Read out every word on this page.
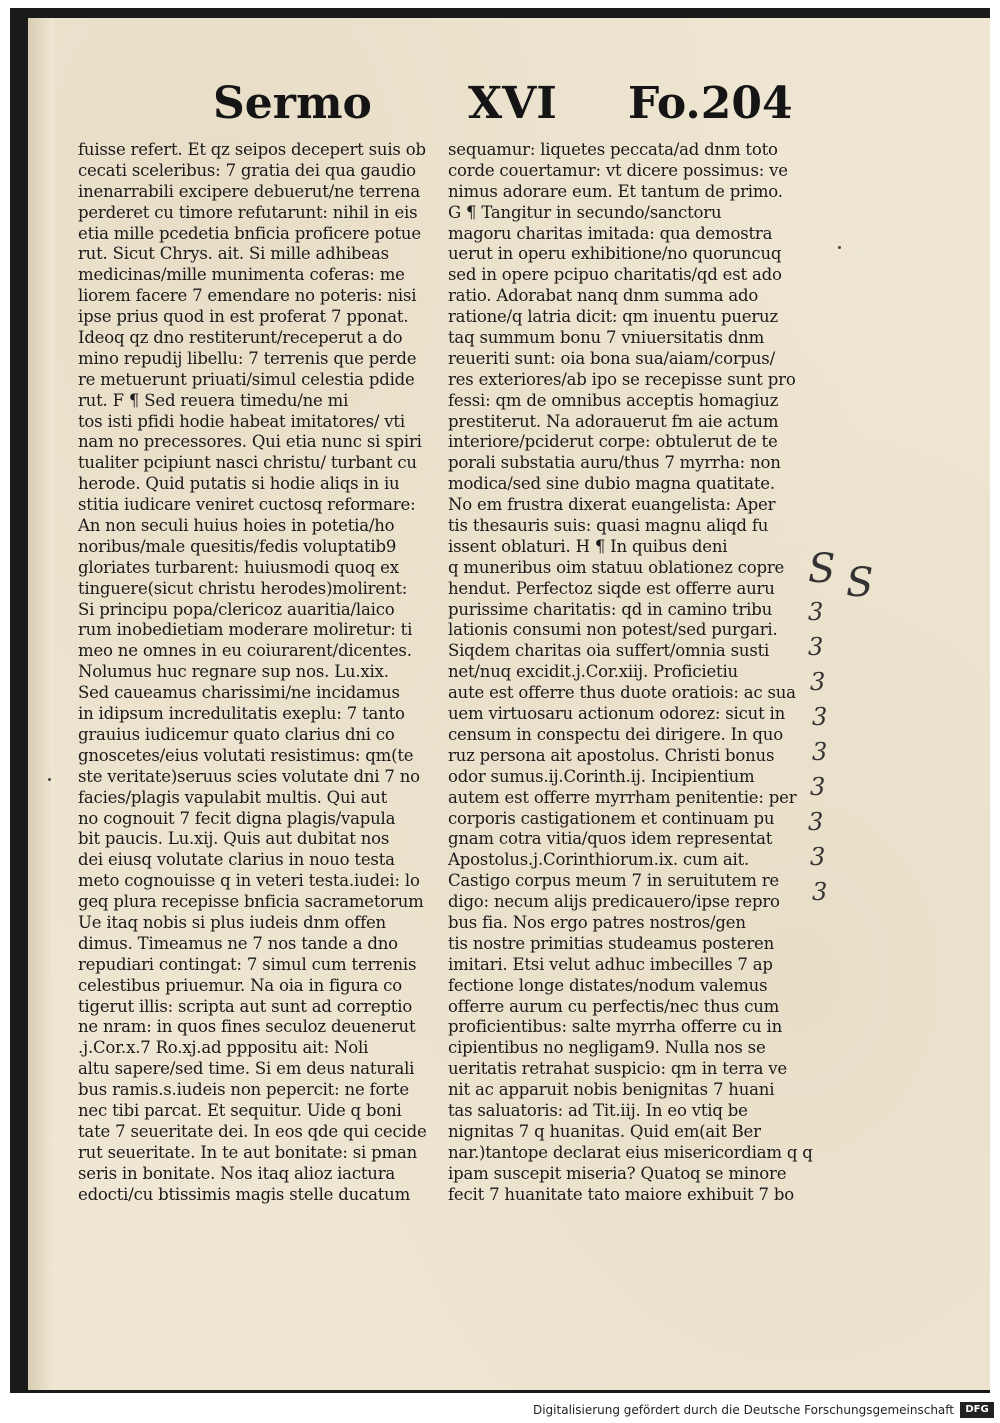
Sermo XVI Fo.204
fuisse refert. Et qz seipos decepert suis ob
cecati sceleribus: 7 gratia dei qua gaudio
inenarrabili excipere debuerut/ne terrena
perderet cu timore refutarunt: nihil in eis
etia mille pcedetia bnficia proficere potue
rut. Sicut Chrys. ait. Si mille adhibeas
medicinas/mille munimenta coferas: me
liorem facere 7 emendare no poteris: nisi
ipse prius quod in est proferat 7 pponat.
Ideoq qz dno restiterunt/receperut a do
mino repudij libellu: 7 terrenis que perde
re metuerunt priuati/simul celestia pdide
rut. F ¶ Sed reuera timedu/ne mi
tos isti pfidi hodie habeat imitatores/ vti
nam no precessores. Qui etia nunc si spiri
tualiter pcipiunt nasci christu/ turbant cu
herode. Quid putatis si hodie aliqs in iu
stitia iudicare veniret cuctosq reformare:
An non seculi huius hoies in potetia/ho
noribus/male quesitis/fedis voluptatib9
gloriates turbarent: huiusmodi quoq ex
tinguere(sicut christu herodes)molirent:
Si principu popa/clericoz auaritia/laico
rum inobedietiam moderare moliretur: ti
meo ne omnes in eu coiurarent/dicentes.
Nolumus huc regnare sup nos. Lu.xix.
Sed caueamus charissimi/ne incidamus
in idipsum incredulitatis exeplu: 7 tanto
grauius iudicemur quato clarius dni co
gnoscetes/eius volutati resistimus: qm(te
ste veritate)seruus scies volutate dni 7 no
facies/plagis vapulabit multis. Qui aut
no cognouit 7 fecit digna plagis/vapula
bit paucis. Lu.xij. Quis aut dubitat nos
dei eiusq volutate clarius in nouo testa
meto cognouisse q in veteri testa.iudei: lo
geq plura recepisse bnficia sacrametorum
Ue itaq nobis si plus iudeis dnm offen
dimus. Timeamus ne 7 nos tande a dno
repudiari contingat: 7 simul cum terrenis
celestibus priuemur. Na oia in figura co
tigerut illis: scripta aut sunt ad correptio
ne nram: in quos fines seculoz deuenerut
.j.Cor.x.7 Ro.xj.ad pppositu ait: Noli
altu sapere/sed time. Si em deus naturali
bus ramis.s.iudeis non pepercit: ne forte
nec tibi parcat. Et sequitur. Uide q boni
tate 7 seueritate dei. In eos qde qui cecide
rut seueritate. In te aut bonitate: si pman
seris in bonitate. Nos itaq alioz iactura
edocti/cu btissimis magis stelle ducatum
sequamur: liquetes peccata/ad dnm toto
corde couertamur: vt dicere possimus: ve
nimus adorare eum. Et tantum de primo.
G ¶ Tangitur in secundo/sanctoru
magoru charitas imitada: qua demostra
uerut in operu exhibitione/no quoruncuq
sed in opere pcipuo charitatis/qd est ado
ratio. Adorabat nanq dnm summa ado
ratione/q latria dicit: qm inuentu pueruz
taq summum bonu 7 vniuersitatis dnm
reueriti sunt: oia bona sua/aiam/corpus/
res exteriores/ab ipo se recepisse sunt pro
fessi: qm de omnibus acceptis homagiuz
prestiterut. Na adorauerut fm aie actum
interiore/pciderut corpe: obtulerut de te
porali substatia auru/thus 7 myrrha: non
modica/sed sine dubio magna quatitate.
No em frustra dixerat euangelista: Aper
tis thesauris suis: quasi magnu aliqd fu
issent oblaturi. H ¶ In quibus deni
q muneribus oim statuu oblationez copre
hendut. Perfectoz siqde est offerre auru
purissime charitatis: qd in camino tribu
lationis consumi non potest/sed purgari.
Siqdem charitas oia suffert/omnia susti
net/nuq excidit.j.Cor.xiij. Proficietiu
aute est offerre thus duote oratiois: ac sua
uem virtuosaru actionum odorez: sicut in
censum in conspectu dei dirigere. In quo
ruz persona ait apostolus. Christi bonus
odor sumus.ij.Corinth.ij. Incipientium
autem est offerre myrrham penitentie: per
corporis castigationem et continuam pu
gnam cotra vitia/quos idem representat
Apostolus.j.Corinthiorum.ix. cum ait.
Castigo corpus meum 7 in seruitutem re
digo: necum alijs predicauero/ipse repro
bus fia. Nos ergo patres nostros/gen
tis nostre primitias studeamus posteren
imitari. Etsi velut adhuc imbecilles 7 ap
fectione longe distates/nodum valemus
offerre aurum cu perfectis/nec thus cum
proficientibus: salte myrrha offerre cu in
cipientibus no negligam9. Nulla nos se
ueritatis retrahat suspicio: qm in terra ve
nit ac apparuit nobis benignitas 7 huani
tas saluatoris: ad Tit.iij. In eo vtiq be
nignitas 7 q huanitas. Quid em(ait Ber
nar.)tantope declarat eius misericordiam q q
ipam suscepit miseria? Quatoq se minore
fecit 7 huanitate tato maiore exhibuit 7 bo
S S
3
3
3
3
3
3
3
3
3
Digitalisierung gefördert durch die Deutsche Forschungsgemeinschaft	DFG
